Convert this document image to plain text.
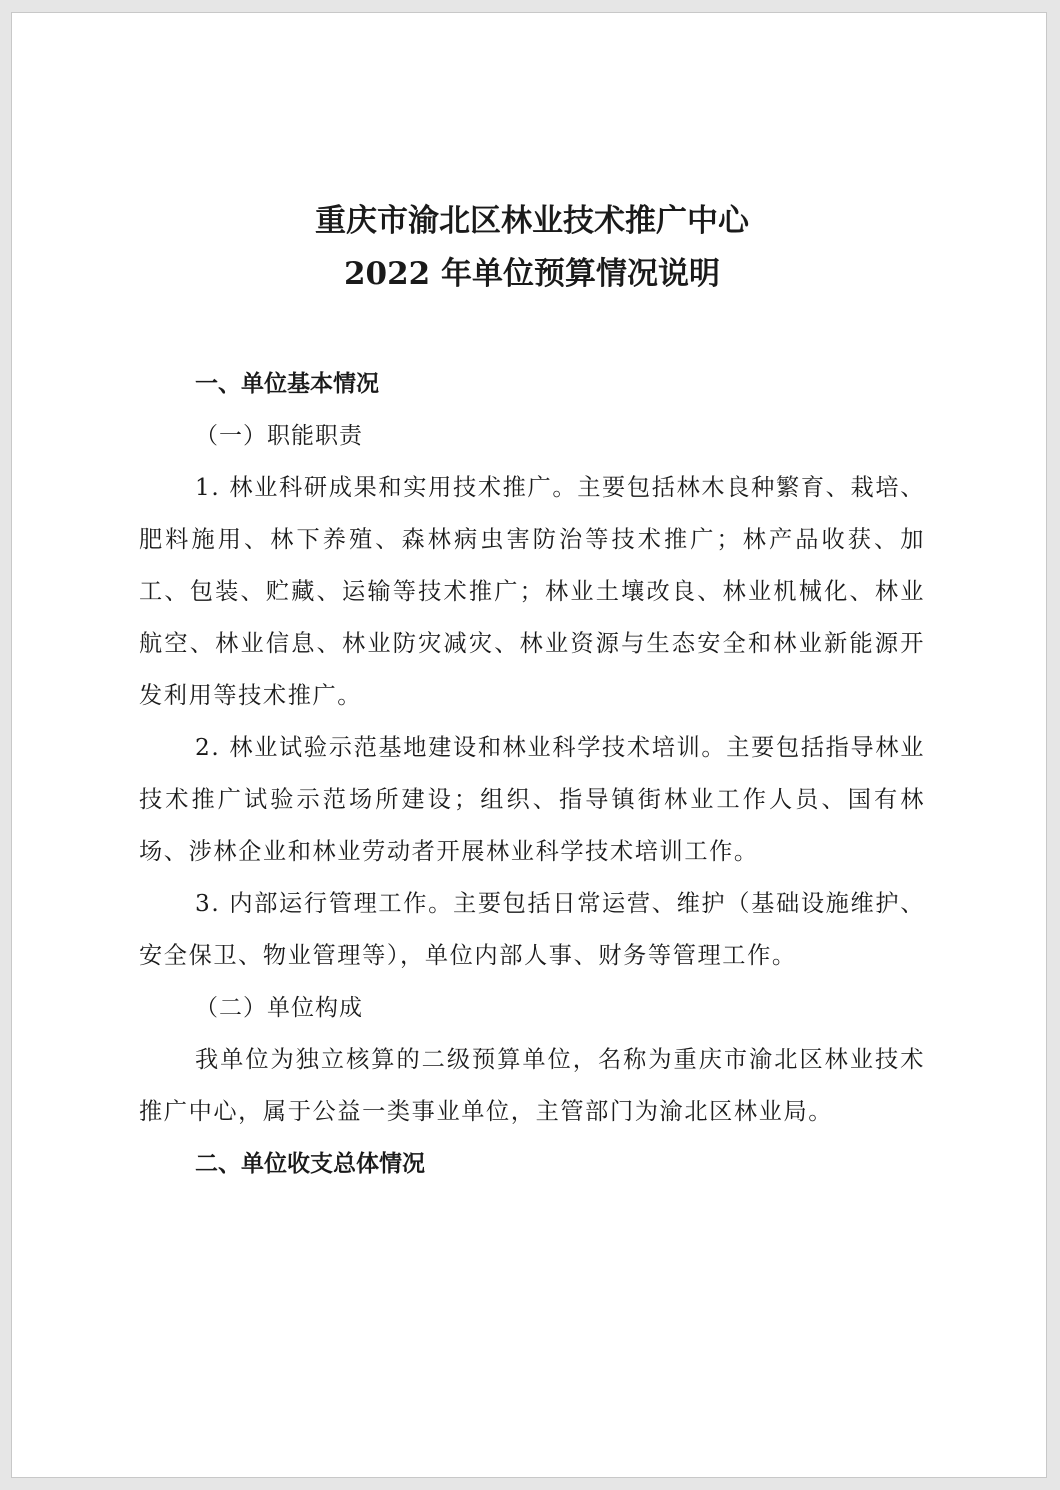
重庆市渝北区林业技术推广中心
2022 年单位预算情况说明

一、单位基本情况

（一）职能职责

1. 林业科研成果和实用技术推广。主要包括林木良种繁育、栽培、肥料施用、林下养殖、森林病虫害防治等技术推广；林产品收获、加工、包装、贮藏、运输等技术推广；林业土壤改良、林业机械化、林业航空、林业信息、林业防灾减灾、林业资源与生态安全和林业新能源开发利用等技术推广。

2. 林业试验示范基地建设和林业科学技术培训。主要包括指导林业技术推广试验示范场所建设；组织、指导镇街林业工作人员、国有林场、涉林企业和林业劳动者开展林业科学技术培训工作。

3. 内部运行管理工作。主要包括日常运营、维护（基础设施维护、安全保卫、物业管理等），单位内部人事、财务等管理工作。

（二）单位构成

我单位为独立核算的二级预算单位，名称为重庆市渝北区林业技术推广中心，属于公益一类事业单位，主管部门为渝北区林业局。

二、单位收支总体情况
